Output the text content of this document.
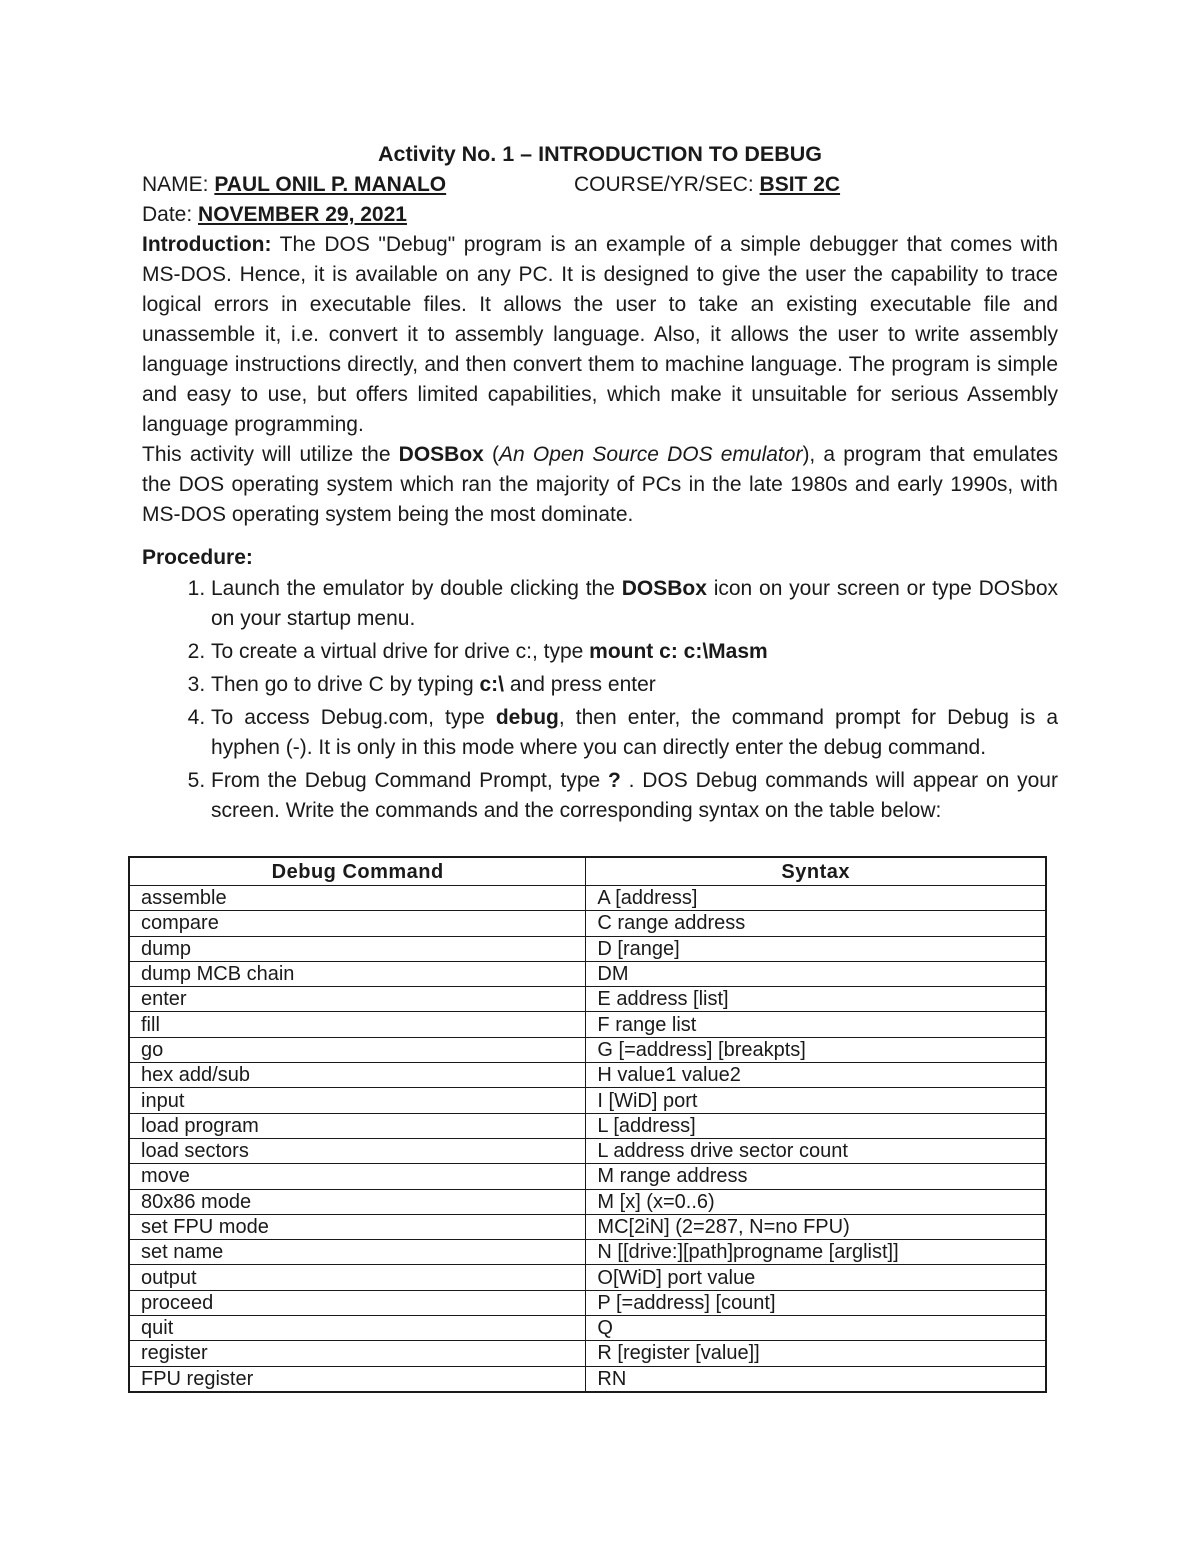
Activity No. 1 – INTRODUCTION TO DEBUG
NAME: PAUL ONIL P. MANALO	COURSE/YR/SEC: BSIT 2C
Date: NOVEMBER 29, 2021

Introduction: The DOS "Debug" program is an example of a simple debugger that comes with MS-DOS. Hence, it is available on any PC. It is designed to give the user the capability to trace logical errors in executable files. It allows the user to take an existing executable file and unassemble it, i.e. convert it to assembly language. Also, it allows the user to write assembly language instructions directly, and then convert them to machine language. The program is simple and easy to use, but offers limited capabilities, which make it unsuitable for serious Assembly language programming.

This activity will utilize the DOSBox (An Open Source DOS emulator), a program that emulates the DOS operating system which ran the majority of PCs in the late 1980s and early 1990s, with MS-DOS operating system being the most dominate.

Procedure:
1. Launch the emulator by double clicking the DOSBox icon on your screen or type DOSbox on your startup menu.
2. To create a virtual drive for drive c:, type mount c: c:\Masm
3. Then go to drive C by typing c:\ and press enter
4. To access Debug.com, type debug, then enter, the command prompt for Debug is a hyphen (-). It is only in this mode where you can directly enter the debug command.
5. From the Debug Command Prompt, type ? . DOS Debug commands will appear on your screen. Write the commands and the corresponding syntax on the table below:
Debug Command	Syntax
assemble	A [address]
compare	C range address
dump	D [range]
dump MCB chain	DM
enter	E address [list]
fill	F range list
go	G [=address] [breakpts]
hex add/sub	H value1 value2
input	I [WiD] port
load program	L [address]
load sectors	L address drive sector count
move	M range address
80x86 mode	M [x] (x=0..6)
set FPU mode	MC[2iN] (2=287, N=no FPU)
set name	N [[drive:][path]progname [arglist]]
output	O[WiD] port value
proceed	P [=address] [count]
quit	Q
register	R [register [value]]
FPU register	RN
